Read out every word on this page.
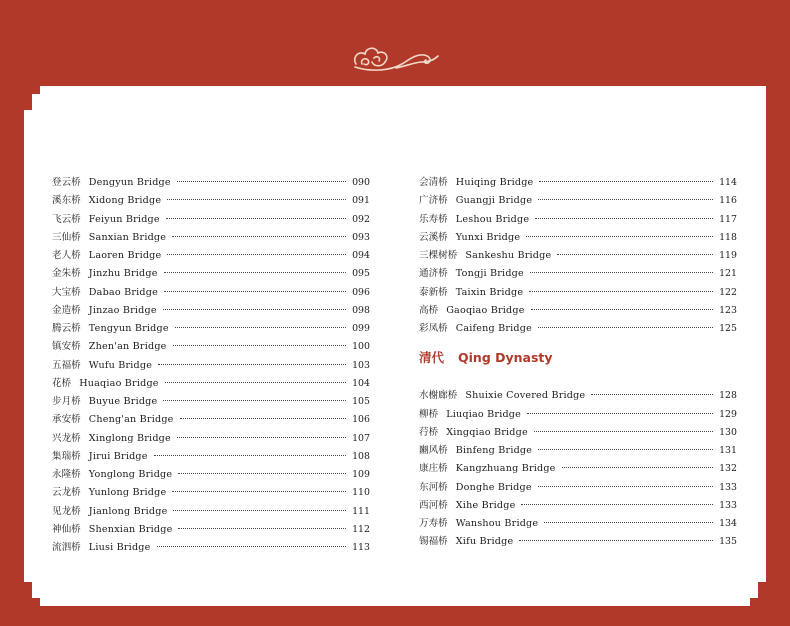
登云桥 Dengyun Bridge	090
溪东桥 Xidong Bridge	091
飞云桥 Feiyun Bridge	092
三仙桥 Sanxian Bridge	093
老人桥 Laoren Bridge	094
金朱桥 Jinzhu Bridge	095
大宝桥 Dabao Bridge	096
金造桥 Jinzao Bridge	098
腾云桥 Tengyun Bridge	099
镇安桥 Zhen'an Bridge	100
五福桥 Wufu Bridge	103
花桥 Huaqiao Bridge	104
步月桥 Buyue Bridge	105
承安桥 Cheng'an Bridge	106
兴龙桥 Xinglong Bridge	107
集瑞桥 Jirui Bridge	108
永隆桥 Yonglong Bridge	109
云龙桥 Yunlong Bridge	110
见龙桥 Jianlong Bridge	111
神仙桥 Shenxian Bridge	112
流泗桥 Liusi Bridge	113
会清桥 Huiqing Bridge	114
广济桥 Guangji Bridge	116
乐寿桥 Leshou Bridge	117
云溪桥 Yunxi Bridge	118
三棵树桥 Sankeshu Bridge	119
通济桥 Tongji Bridge	121
泰新桥 Taixin Bridge	122
高桥 Gaoqiao Bridge	123
彩凤桥 Caifeng Bridge	125
清代 Qing Dynasty
水榭廊桥 Shuixie Covered Bridge	128
柳桥 Liuqiao Bridge	129
荇桥 Xingqiao Bridge	130
豳风桥 Binfeng Bridge	131
康庄桥 Kangzhuang Bridge	132
东河桥 Donghe Bridge	133
西河桥 Xihe Bridge	133
万寿桥 Wanshou Bridge	134
锡福桥 Xifu Bridge	135
